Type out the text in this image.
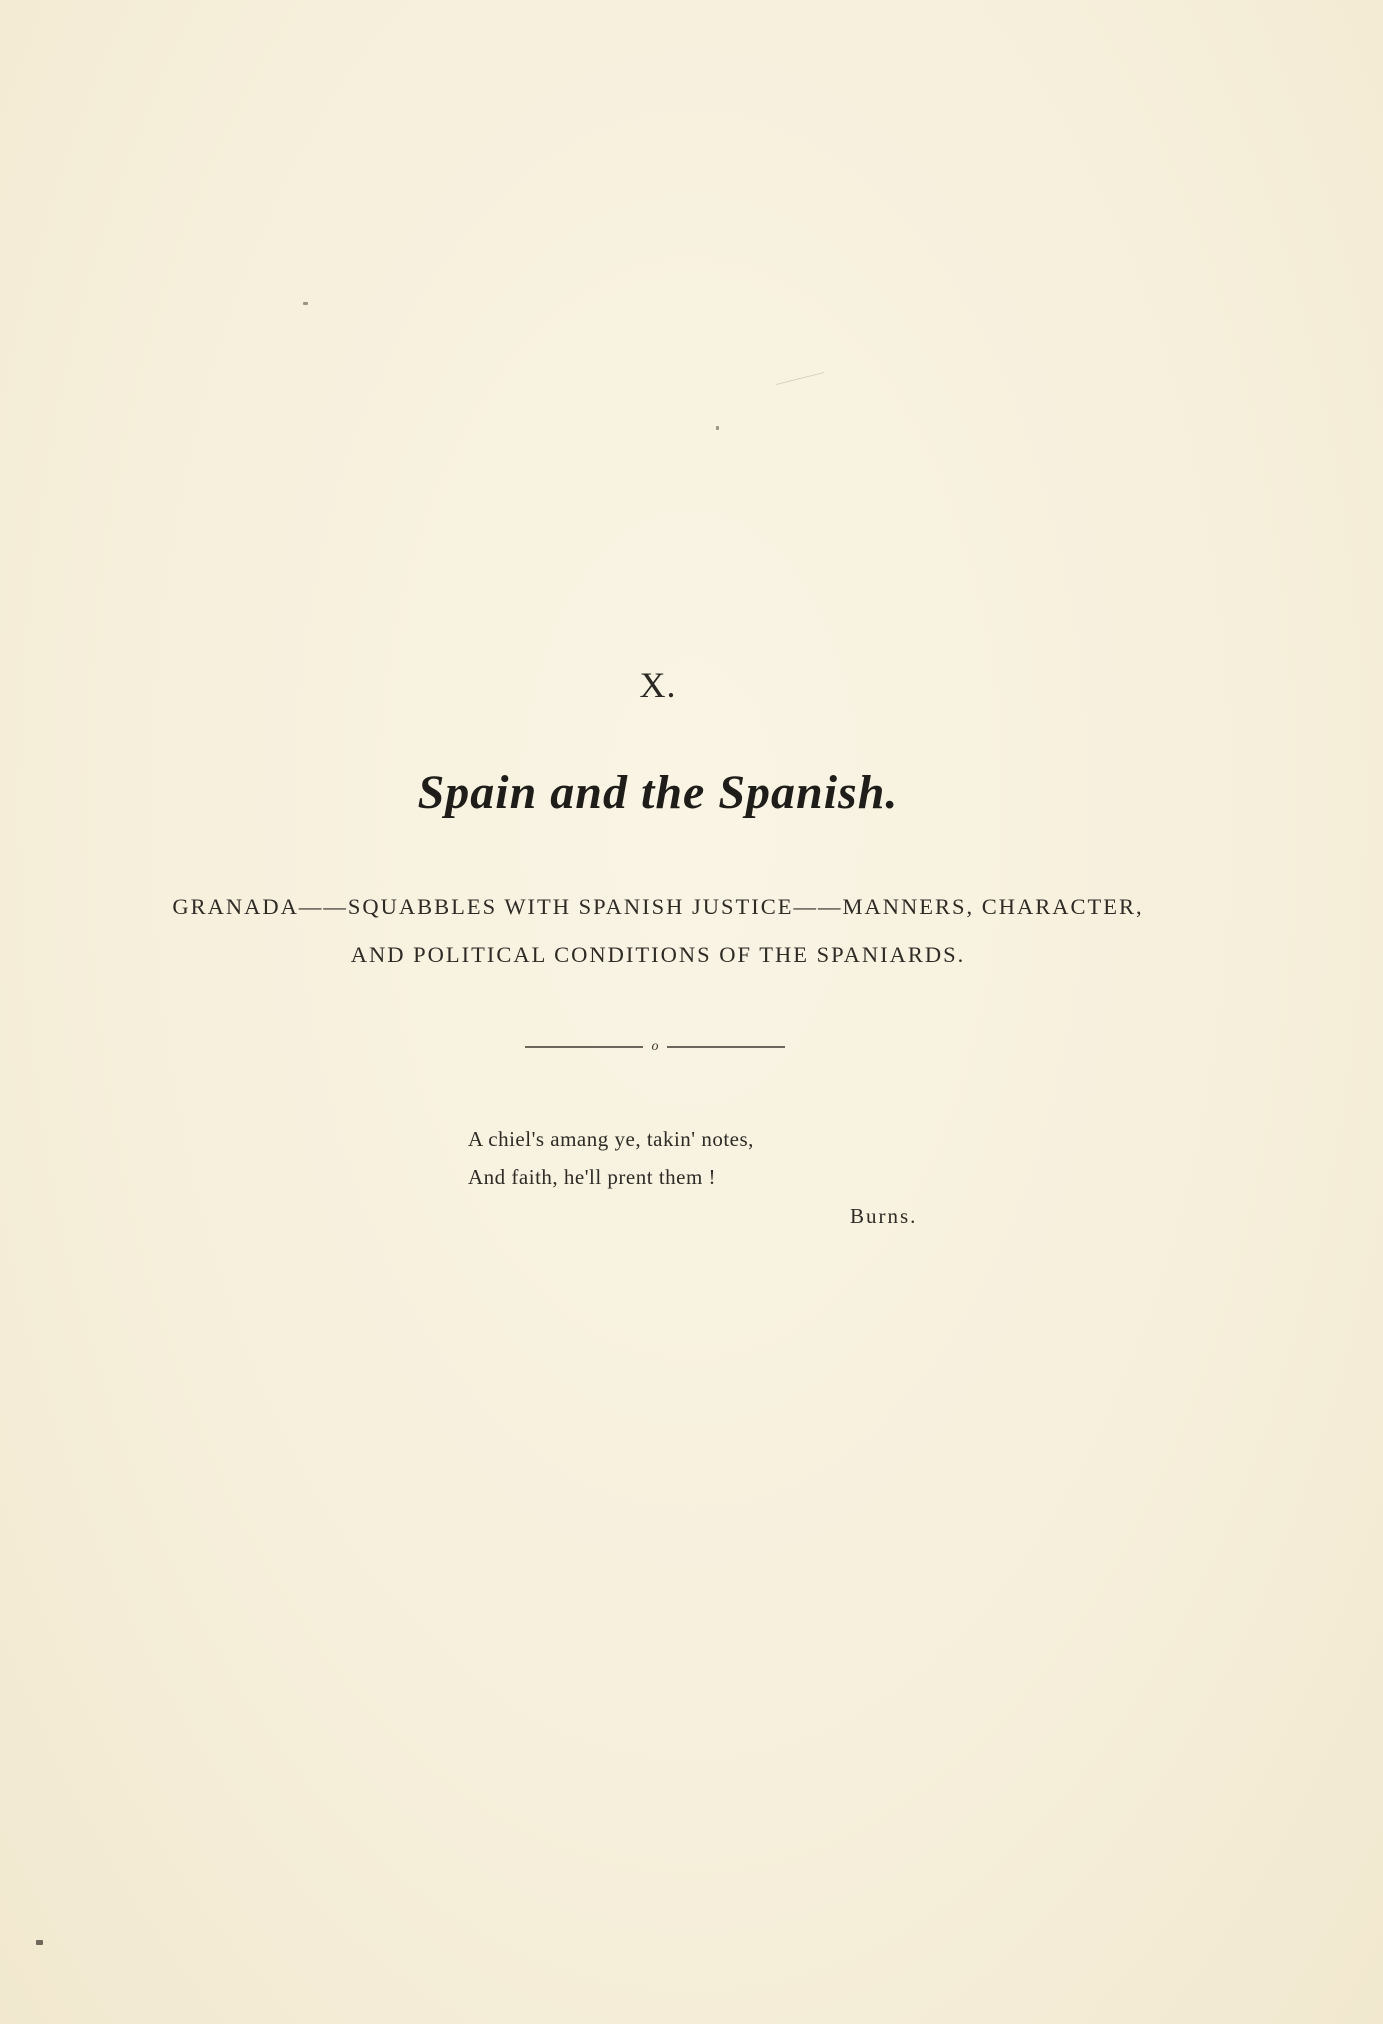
X.
Spain and the Spanish.
GRANADA——SQUABBLES WITH SPANISH JUSTICE——MANNERS, CHARACTER,
AND POLITICAL CONDITIONS OF THE SPANIARDS.
o
A chiel's amang ye, takin' notes,
And faith, he'll prent them !
Burns.
